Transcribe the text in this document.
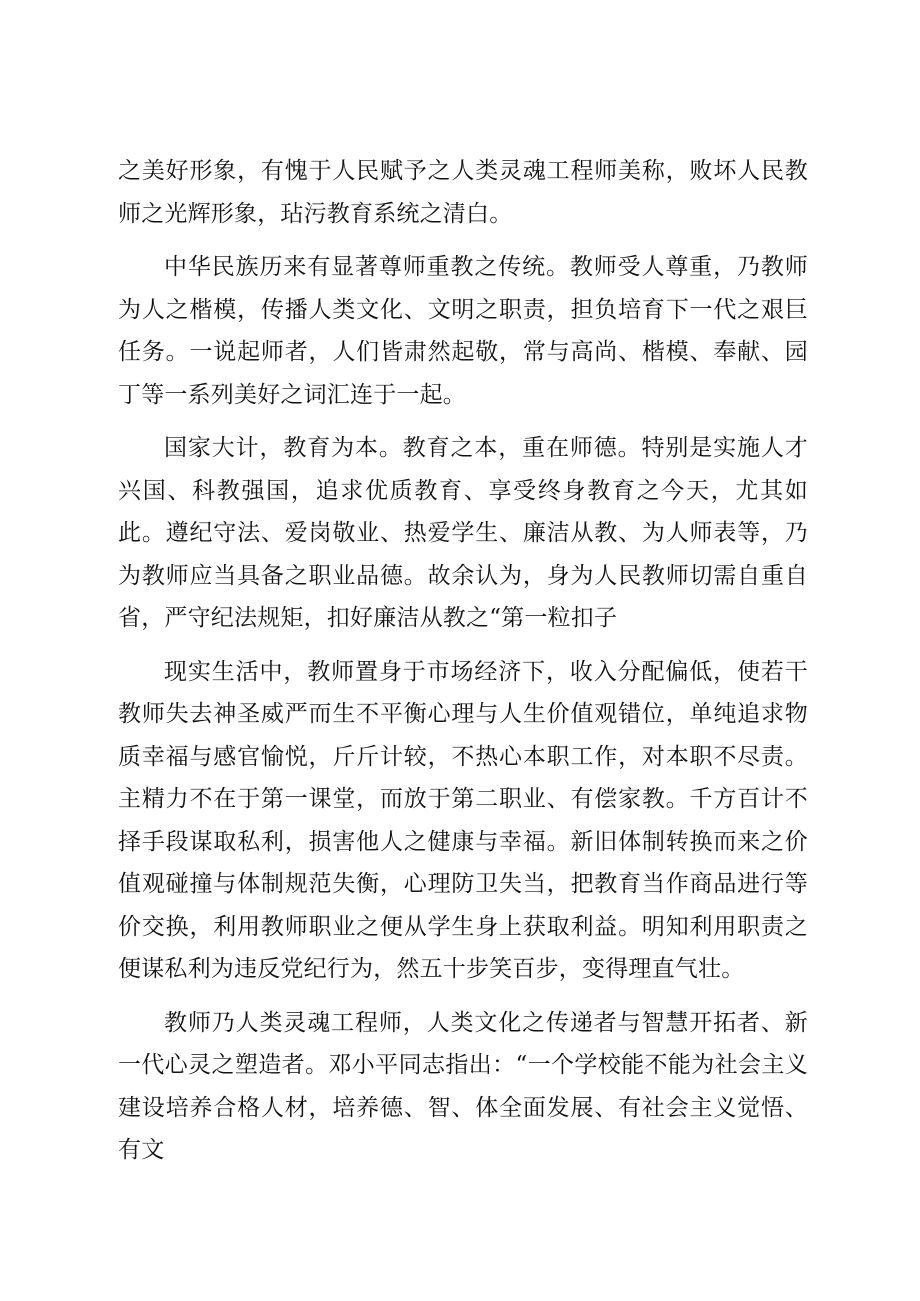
之美好形象，有愧于人民赋予之人类灵魂工程师美称，败坏人民教师之光辉形象，玷污教育系统之清白。

中华民族历来有显著尊师重教之传统。教师受人尊重，乃教师为人之楷模，传播人类文化、文明之职责，担负培育下一代之艰巨任务。一说起师者，人们皆肃然起敬，常与高尚、楷模、奉献、园丁等一系列美好之词汇连于一起。

国家大计，教育为本。教育之本，重在师德。特别是实施人才兴国、科教强国，追求优质教育、享受终身教育之今天，尤其如此。遵纪守法、爱岗敬业、热爱学生、廉洁从教、为人师表等，乃为教师应当具备之职业品德。故余认为，身为人民教师切需自重自省，严守纪法规矩，扣好廉洁从教之“第一粒扣子

现实生活中，教师置身于市场经济下，收入分配偏低，使若干教师失去神圣威严而生不平衡心理与人生价值观错位，单纯追求物质幸福与感官愉悦，斤斤计较，不热心本职工作，对本职不尽责。主精力不在于第一课堂，而放于第二职业、有偿家教。千方百计不择手段谋取私利，损害他人之健康与幸福。新旧体制转换而来之价值观碰撞与体制规范失衡，心理防卫失当，把教育当作商品进行等价交换，利用教师职业之便从学生身上获取利益。明知利用职责之便谋私利为违反党纪行为，然五十步笑百步，变得理直气壮。

教师乃人类灵魂工程师，人类文化之传递者与智慧开拓者、新一代心灵之塑造者。邓小平同志指出：“一个学校能不能为社会主义建设培养合格人材，培养德、智、体全面发展、有社会主义觉悟、有文
